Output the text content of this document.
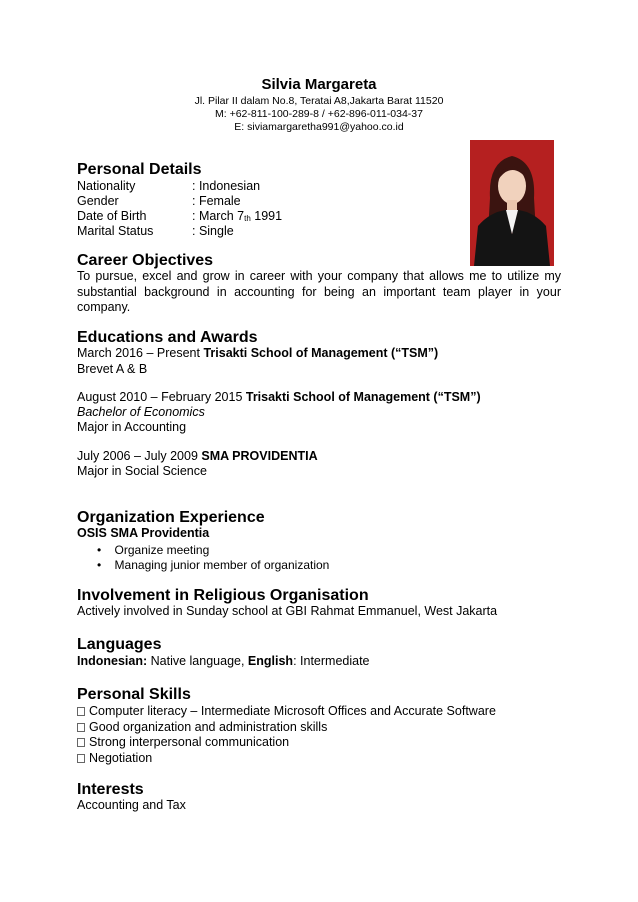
Silvia Margareta
Jl. Pilar II dalam No.8, Teratai A8,Jakarta Barat 11520
M: +62-811-100-289-8 / +62-896-011-034-37
E: siviamargaretha991@yahoo.co.id
Personal Details
Nationality	: Indonesian
Gender	: Female
Date of Birth	: March 7th 1991
Marital Status	: Single
Career Objectives
To pursue, excel and grow in career with your company that allows me to utilize my substantial background in accounting for being an important team player in your company.
Educations and Awards
March 2016 – Present Trisakti School of Management (“TSM”)
Brevet A & B
August 2010 – February 2015 Trisakti School of Management (“TSM”)
Bachelor of Economics
Major in Accounting
July 2006 – July 2009 SMA PROVIDENTIA
Major in Social Science
Organization Experience
OSIS SMA Providentia
•    Organize meeting
•    Managing junior member of organization
Involvement in Religious Organisation
Actively involved in Sunday school at GBI Rahmat Emmanuel, West Jakarta
Languages
Indonesian: Native language, English: Intermediate
Personal Skills
Computer literacy – Intermediate Microsoft Offices and Accurate Software
Good organization and administration skills
Strong interpersonal communication
Negotiation
Interests
Accounting and Tax
